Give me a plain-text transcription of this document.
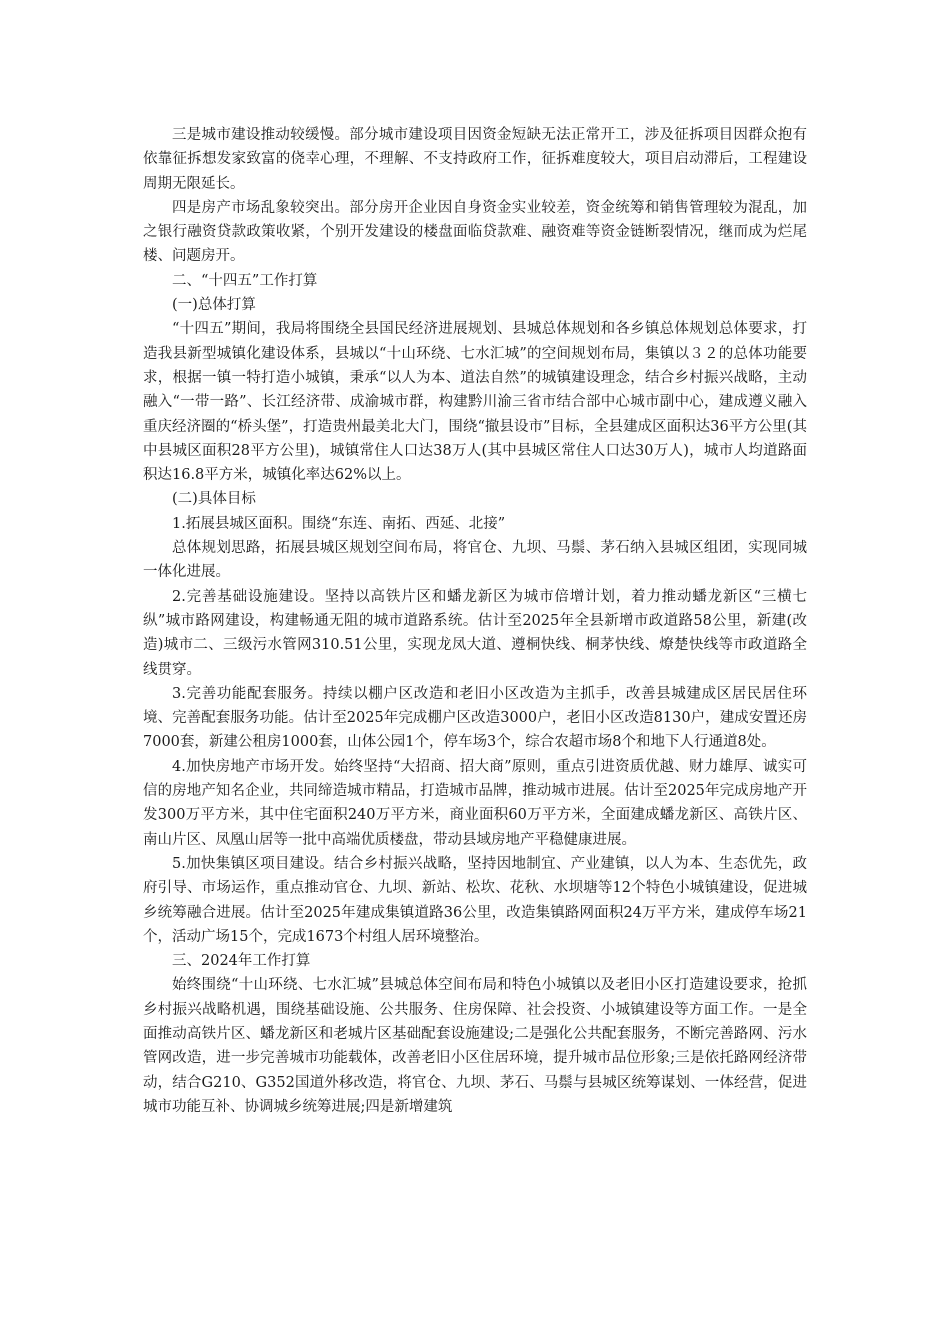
三是城市建设推动较缓慢。部分城市建设项目因资金短缺无法正常开工，涉及征拆项目因群众抱有依靠征拆想发家致富的侥幸心理，不理解、不支持政府工作，征拆难度较大，项目启动滞后，工程建设周期无限延长。

四是房产市场乱象较突出。部分房开企业因自身资金实业较差，资金统筹和销售管理较为混乱，加之银行融资贷款政策收紧，个别开发建设的楼盘面临贷款难、融资难等资金链断裂情况，继而成为烂尾楼、问题房开。

二、“十四五”工作打算

(一)总体打算

“十四五”期间，我局将围绕全县国民经济进展规划、县城总体规划和各乡镇总体规划总体要求，打造我县新型城镇化建设体系，县城以“十山环绕、七水汇城”的空间规划布局，集镇以３２的总体功能要求，根据一镇一特打造小城镇，秉承“以人为本、道法自然”的城镇建设理念，结合乡村振兴战略，主动融入“一带一路”、长江经济带、成渝城市群，构建黔川渝三省市结合部中心城市副中心，建成遵义融入重庆经济圈的“桥头堡”，打造贵州最美北大门，围绕“撤县设市”目标，全县建成区面积达36平方公里(其中县城区面积28平方公里)，城镇常住人口达38万人(其中县城区常住人口达30万人)，城市人均道路面积达16.8平方米，城镇化率达62%以上。

(二)具体目标

1.拓展县城区面积。围绕“东连、南拓、西延、北接”

总体规划思路，拓展县城区规划空间布局，将官仓、九坝、马鬃、茅石纳入县城区组团，实现同城一体化进展。

2.完善基础设施建设。坚持以高铁片区和蟠龙新区为城市倍增计划，着力推动蟠龙新区“三横七纵”城市路网建设，构建畅通无阻的城市道路系统。估计至2025年全县新增市政道路58公里，新建(改造)城市二、三级污水管网310.51公里，实现龙凤大道、遵桐快线、桐茅快线、燎楚快线等市政道路全线贯穿。

3.完善功能配套服务。持续以棚户区改造和老旧小区改造为主抓手，改善县城建成区居民居住环境、完善配套服务功能。估计至2025年完成棚户区改造3000户，老旧小区改造8130户，建成安置还房7000套，新建公租房1000套，山体公园1个，停车场3个，综合农超市场8个和地下人行通道8处。

4.加快房地产市场开发。始终坚持“大招商、招大商”原则，重点引进资质优越、财力雄厚、诚实可信的房地产知名企业，共同缔造城市精品，打造城市品牌，推动城市进展。估计至2025年完成房地产开发300万平方米，其中住宅面积240万平方米，商业面积60万平方米，全面建成蟠龙新区、高铁片区、南山片区、凤凰山居等一批中高端优质楼盘，带动县域房地产平稳健康进展。

5.加快集镇区项目建设。结合乡村振兴战略，坚持因地制宜、产业建镇，以人为本、生态优先，政府引导、市场运作，重点推动官仓、九坝、新站、松坎、花秋、水坝塘等12个特色小城镇建设，促进城乡统筹融合进展。估计至2025年建成集镇道路36公里，改造集镇路网面积24万平方米，建成停车场21个，活动广场15个，完成1673个村组人居环境整治。

三、2024年工作打算

始终围绕“十山环绕、七水汇城”县城总体空间布局和特色小城镇以及老旧小区打造建设要求，抢抓乡村振兴战略机遇，围绕基础设施、公共服务、住房保障、社会投资、小城镇建设等方面工作。一是全面推动高铁片区、蟠龙新区和老城片区基础配套设施建设;二是强化公共配套服务，不断完善路网、污水管网改造，进一步完善城市功能载体，改善老旧小区住居环境，提升城市品位形象;三是依托路网经济带动，结合G210、G352国道外移改造，将官仓、九坝、茅石、马鬃与县城区统筹谋划、一体经营，促进城市功能互补、协调城乡统筹进展;四是新增建筑
